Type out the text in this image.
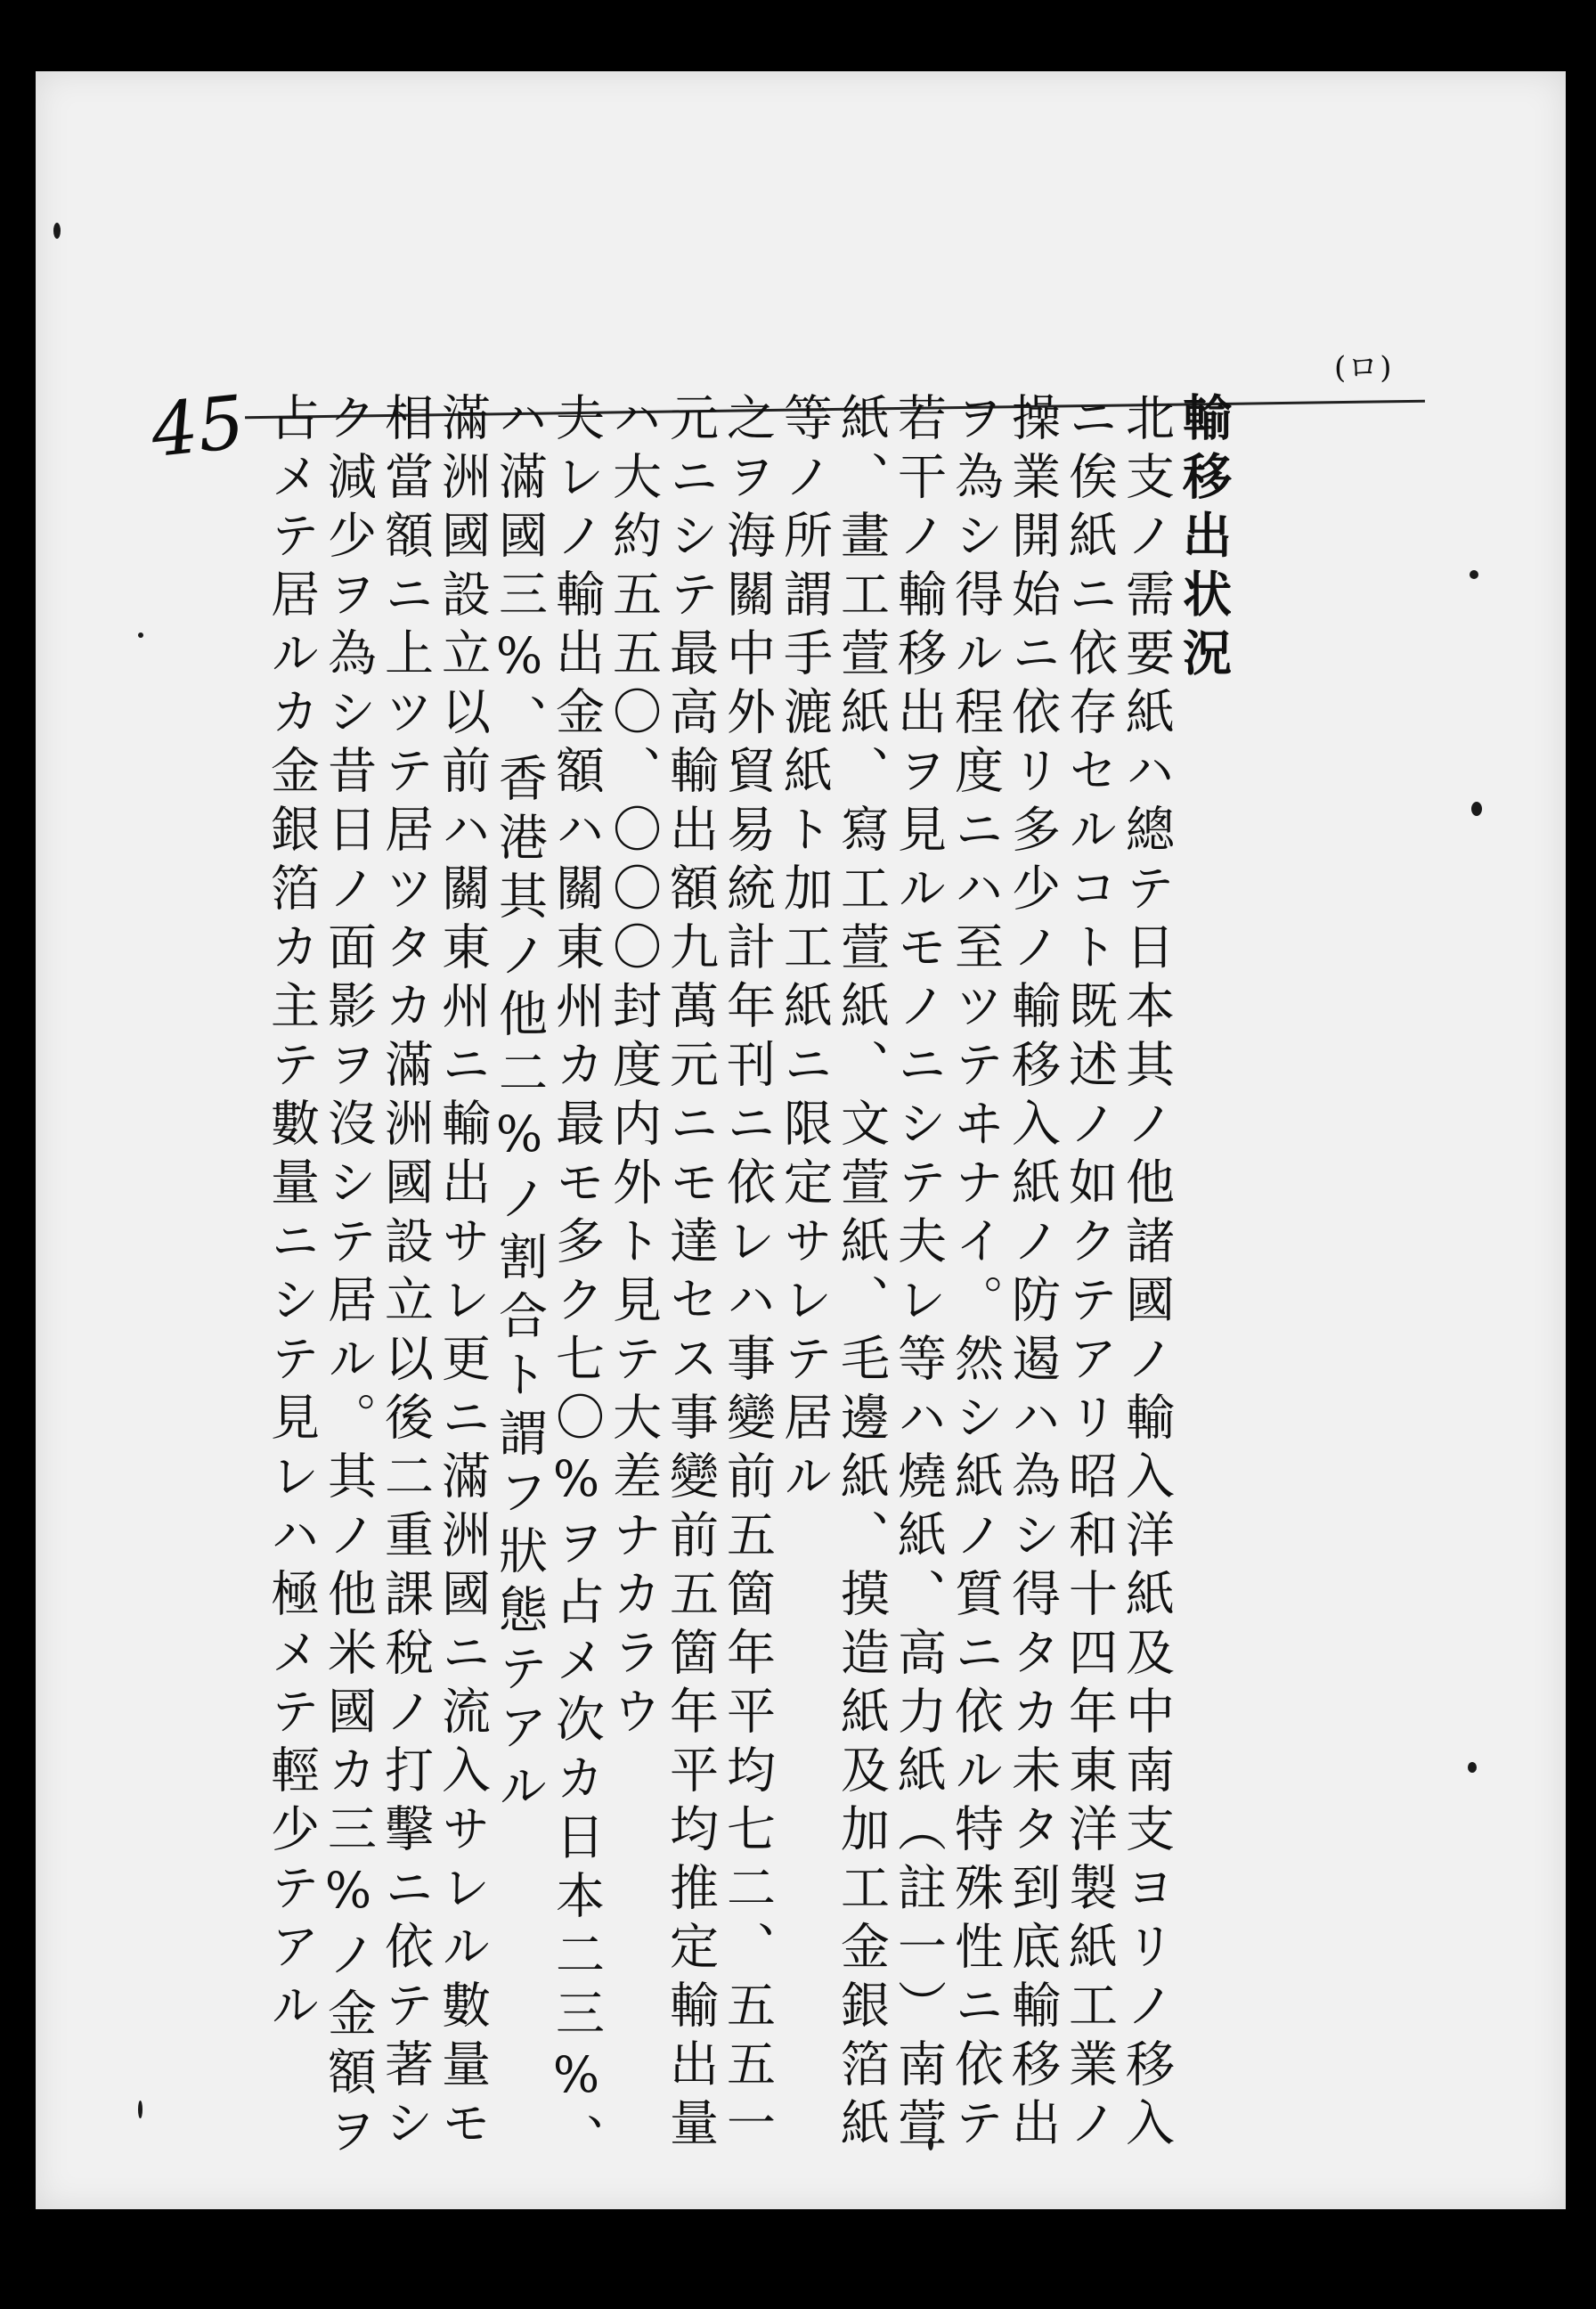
(ロ)
45	輸移出状況
北支ノ需要紙ハ總テ日本其ノ他諸國ノ輸入洋紙及中南支ヨリノ移入
ニ俟紙ニ依存セルコト既述ノ如クテアリ昭和十四年東洋製紙工業ノ
操業開始ニ依リ多少ノ輸移入紙ノ防遏ハ為シ得タカ未タ到底輸移出
ヲ為シ得ル程度ニハ至ツテヰナイ。然シ紙ノ質ニ依ル特殊性ニ依テ
若干ノ輸移出ヲ見ルモノニシテ夫レ等ハ燒紙、高力紙（註一）南萱
紙、畫工萱紙、寫工萱紙、文萱紙、毛邊紙、摸造紙及加工金銀箔紙
等ノ所謂手漉紙ト加工紙ニ限定サレテ居ル
之ヲ海關中外貿易統計年刊ニ依レハ事變前五箇年平均七二、五五一
元ニシテ最高輸出額九萬元ニモ達セス事變前五箇年平均推定輸出量
ハ大約五五〇、〇〇〇封度内外ト見テ大差ナカラウ
夫レノ輸出金額ハ關東州カ最モ多ク七〇%ヲ占メ次カ日本二三%、
ハ滿國三%、香港其ノ他二%ノ割合ト謂フ狀態テアル
滿洲國設立以前ハ關東州ニ輸出サレ更ニ滿洲國ニ流入サレル數量モ
相當額ニ上ツテ居ツタカ滿洲國設立以後二重課稅ノ打擊ニ依テ著シ
ク減少ヲ為シ昔日ノ面影ヲ沒シテ居ル。其ノ他米國カ三%ノ金額ヲ
占メテ居ルカ金銀箔カ主テ數量ニシテ見レハ極メテ輕少テアル
